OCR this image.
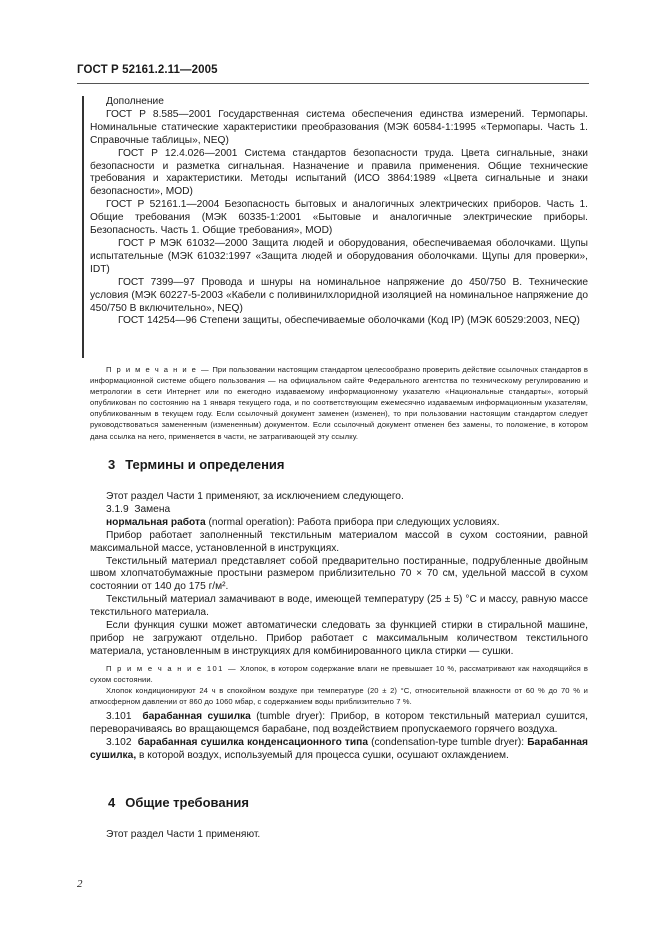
ГОСТ Р 52161.2.11—2005

Дополнение

ГОСТ Р 8.585—2001 Государственная система обеспечения единства измерений. Термопары. Номинальные статические характеристики преобразования (МЭК 60584-1:1995 «Термопары. Часть 1. Справочные таблицы», NEQ)

ГОСТ Р 12.4.026—2001 Система стандартов безопасности труда. Цвета сигнальные, знаки безопасности и разметка сигнальная. Назначение и правила применения. Общие технические требования и характеристики. Методы испытаний (ИСО 3864:1989 «Цвета сигнальные и знаки безопасности», MOD)

ГОСТ Р 52161.1—2004 Безопасность бытовых и аналогичных электрических приборов. Часть 1. Общие требования (МЭК 60335-1:2001 «Бытовые и аналогичные электрические приборы. Безопасность. Часть 1. Общие требования», MOD)

ГОСТ Р МЭК 61032—2000 Защита людей и оборудования, обеспечиваемая оболочками. Щупы испытательные (МЭК 61032:1997 «Защита людей и оборудования оболочками. Щупы для проверки», IDT)

ГОСТ 7399—97 Провода и шнуры на номинальное напряжение до 450/750 В. Технические условия (МЭК 60227-5-2003 «Кабели с поливинилхлоридной изоляцией на номинальное напряжение до 450/750 В включительно», NEQ)

ГОСТ 14254—96 Степени защиты, обеспечиваемые оболочками (Код IP) (МЭК 60529:2003, NEQ)

П р и м е ч а н и е — При пользовании настоящим стандартом целесообразно проверить действие ссылочных стандартов в информационной системе общего пользования — на официальном сайте Федерального агентства по техническому регулированию и метрологии в сети Интернет или по ежегодно издаваемому информационному указателю «Национальные стандарты», который опубликован по состоянию на 1 января текущего года, и по соответствующим ежемесячно издаваемым информационным указателям, опубликованным в текущем году. Если ссылочный документ заменен (изменен), то при пользовании настоящим стандартом следует руководствоваться замененным (измененным) документом. Если ссылочный документ отменен без замены, то положение, в котором дана ссылка на него, применяется в части, не затрагивающей эту ссылку.

3 Термины и определения

Этот раздел Части 1 применяют, за исключением следующего.

3.1.9 Замена

нормальная работа (normal operation): Работа прибора при следующих условиях.

Прибор работает заполненный текстильным материалом массой в сухом состоянии, равной максимальной массе, установленной в инструкциях.

Текстильный материал представляет собой предварительно постиранные, подрубленные двойным швом хлопчатобумажные простыни размером приблизительно 70 × 70 см, удельной массой в сухом состоянии от 140 до 175 г/м².

Текстильный материал замачивают в воде, имеющей температуру (25 ± 5) °С и массу, равную массе текстильного материала.

Если функция сушки может автоматически следовать за функцией стирки в стиральной машине, прибор не загружают отдельно. Прибор работает с максимальным количеством текстильного материала, установленным в инструкциях для комбинированного цикла стирки — сушки.

П р и м е ч а н и е 101 — Хлопок, в котором содержание влаги не превышает 10 %, рассматривают как находящийся в сухом состоянии.

Хлопок кондиционируют 24 ч в спокойном воздухе при температуре (20 ± 2) °С, относительной влажности от 60 % до 70 % и атмосферном давлении от 860 до 1060 мбар, с содержанием воды приблизительно 7 %.

3.101 барабанная сушилка (tumble dryer): Прибор, в котором текстильный материал сушится, переворачиваясь во вращающемся барабане, под воздействием пропускаемого горячего воздуха.

3.102 барабанная сушилка конденсационного типа (condensation-type tumble dryer): Барабанная сушилка, в которой воздух, используемый для процесса сушки, осушают охлаждением.

4 Общие требования

Этот раздел Части 1 применяют.

2
